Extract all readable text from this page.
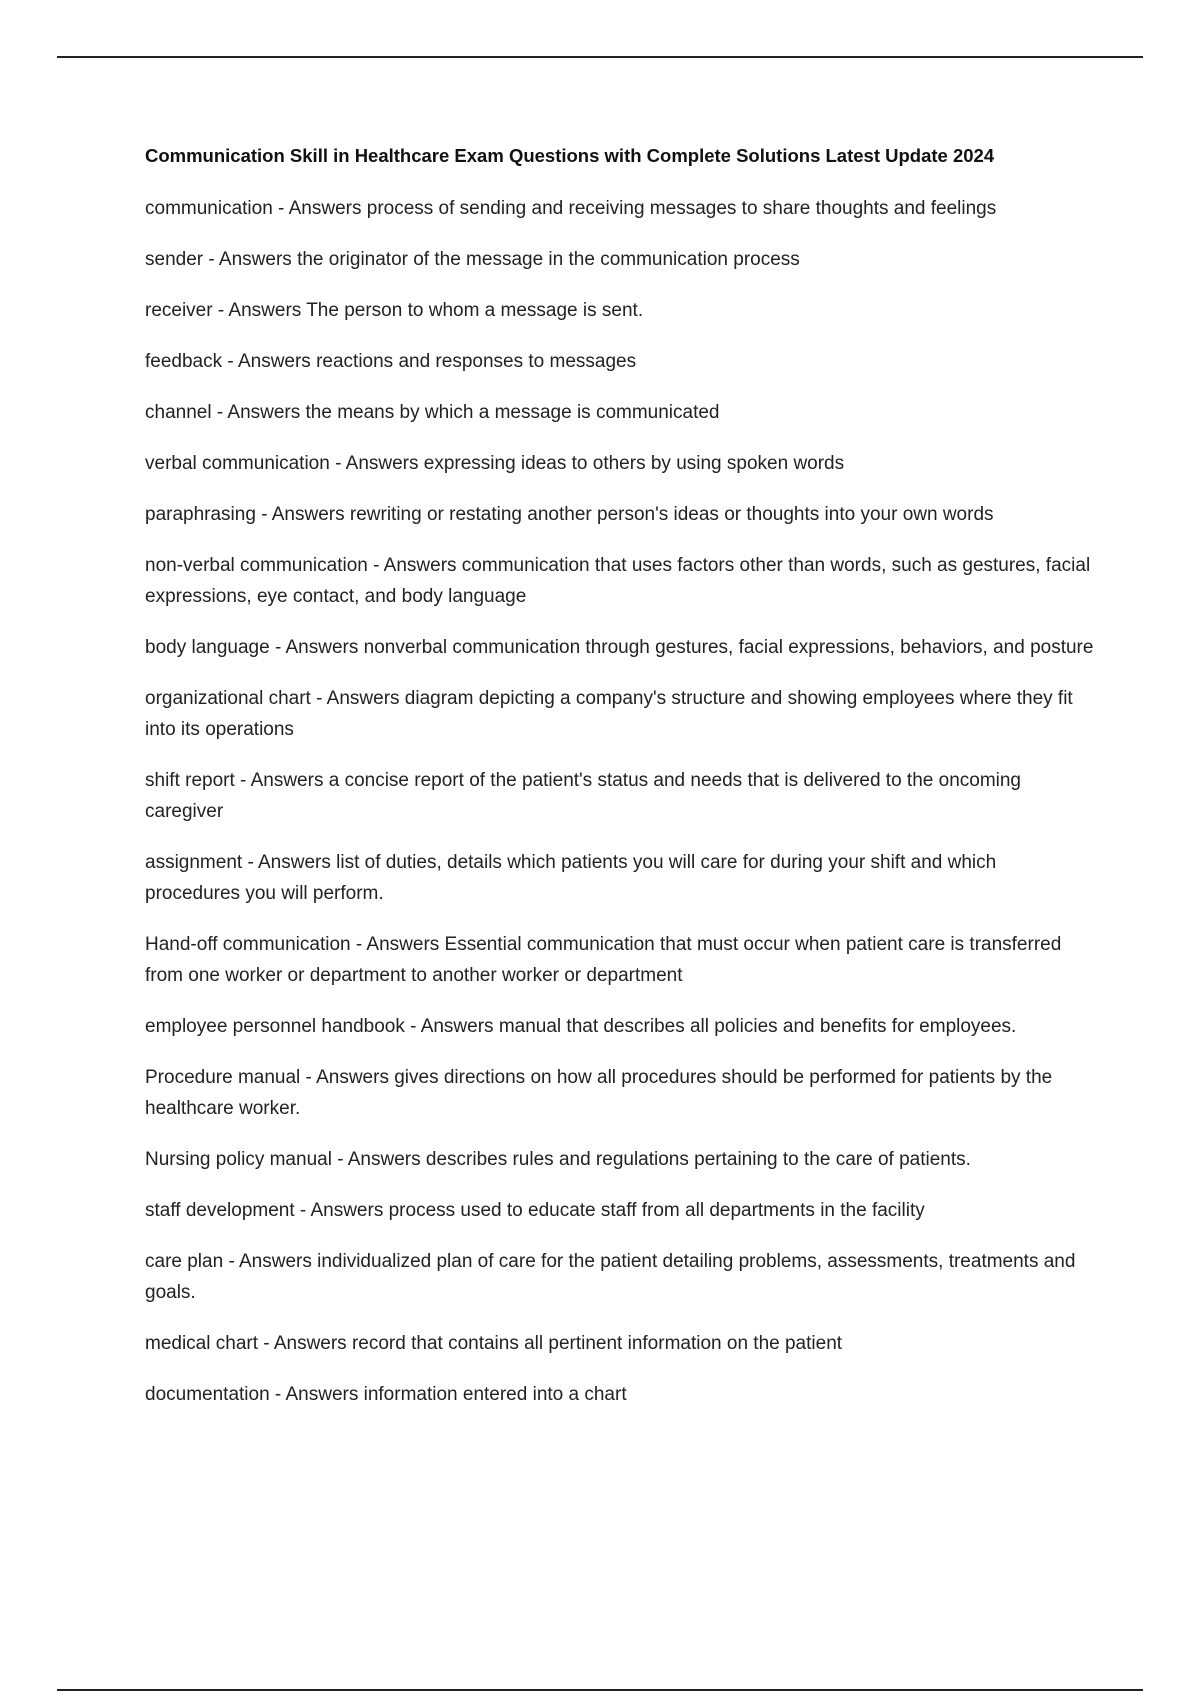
Communication Skill in Healthcare Exam Questions with Complete Solutions Latest Update 2024

communication - Answers process of sending and receiving messages to share thoughts and feelings

sender - Answers the originator of the message in the communication process

receiver - Answers The person to whom a message is sent.

feedback - Answers reactions and responses to messages

channel - Answers the means by which a message is communicated

verbal communication - Answers expressing ideas to others by using spoken words

paraphrasing - Answers rewriting or restating another person's ideas or thoughts into your own words

non-verbal communication - Answers communication that uses factors other than words, such as gestures, facial expressions, eye contact, and body language

body language - Answers nonverbal communication through gestures, facial expressions, behaviors, and posture

organizational chart - Answers diagram depicting a company's structure and showing employees where they fit into its operations

shift report - Answers a concise report of the patient's status and needs that is delivered to the oncoming caregiver

assignment - Answers list of duties, details which patients you will care for during your shift and which procedures you will perform.

Hand-off communication - Answers Essential communication that must occur when patient care is transferred from one worker or department to another worker or department

employee personnel handbook - Answers manual that describes all policies and benefits for employees.

Procedure manual - Answers gives directions on how all procedures should be performed for patients by the healthcare worker.

Nursing policy manual - Answers describes rules and regulations pertaining to the care of patients.

staff development - Answers process used to educate staff from all departments in the facility

care plan - Answers individualized plan of care for the patient detailing problems, assessments, treatments and goals.

medical chart - Answers record that contains all pertinent information on the patient

documentation - Answers information entered into a chart
